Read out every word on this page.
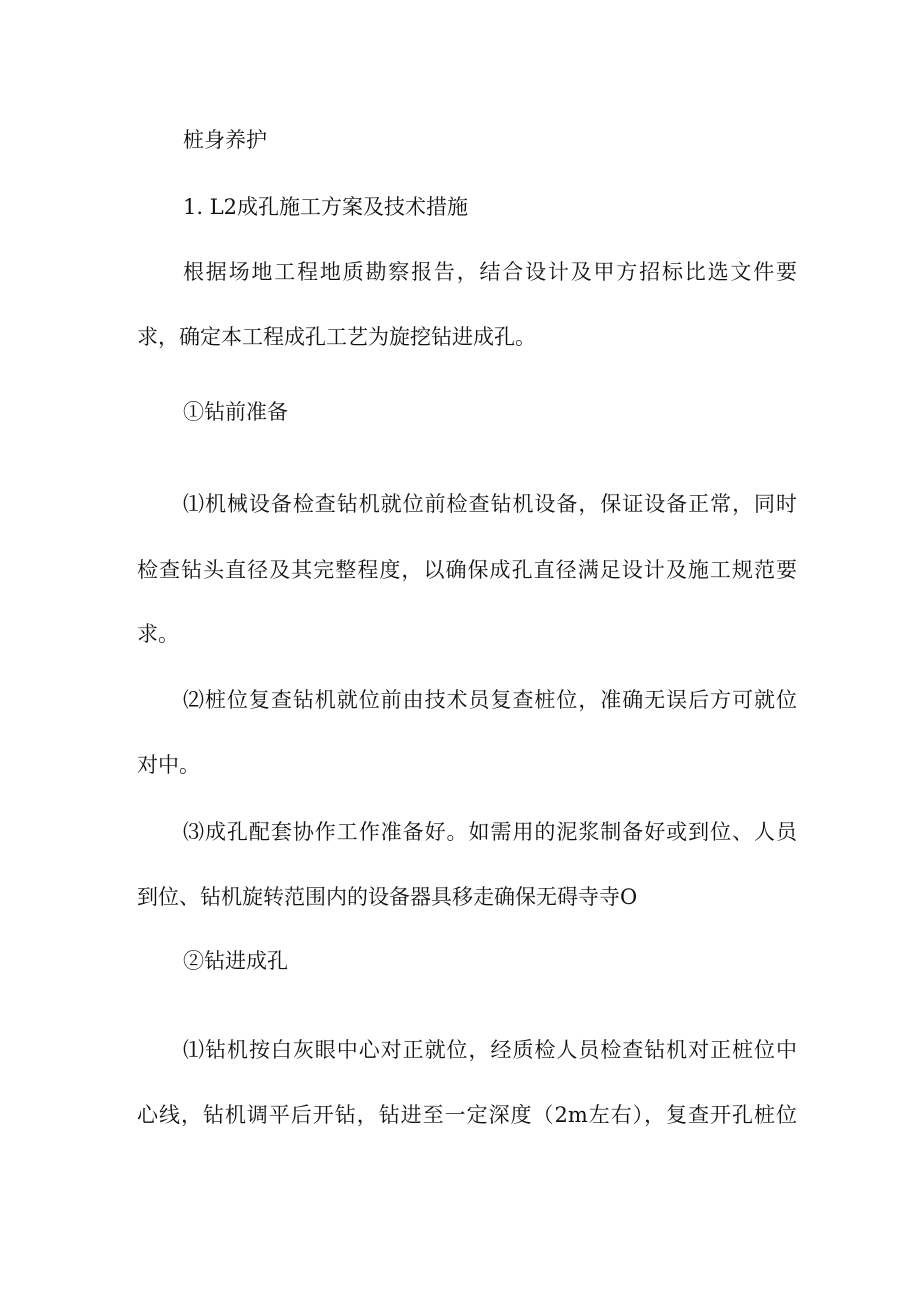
桩身养护
1. L2成孔施工方案及技术措施
根据场地工程地质勘察报告，结合设计及甲方招标比选文件要
求，确定本工程成孔工艺为旋挖钻进成孔。
①钻前准备
⑴机械设备检查钻机就位前检查钻机设备，保证设备正常，同时
检查钻头直径及其完整程度，以确保成孔直径满足设计及施工规范要
求。
⑵桩位复查钻机就位前由技术员复查桩位，准确无误后方可就位
对中。
⑶成孔配套协作工作准备好。如需用的泥浆制备好或到位、人员
到位、钻机旋转范围内的设备器具移走确保无碍寺寺O
②钻进成孔
⑴钻机按白灰眼中心对正就位，经质检人员检查钻机对正桩位中
心线，钻机调平后开钻，钻进至一定深度（2m左右），复查开孔桩位
